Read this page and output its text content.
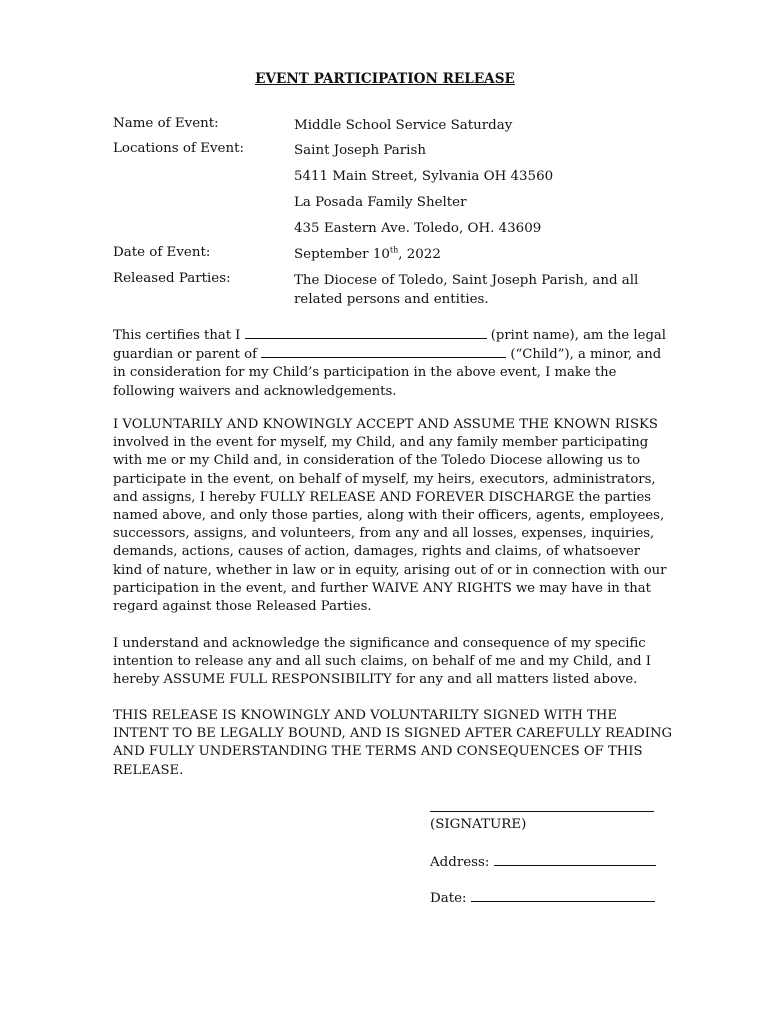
EVENT PARTICIPATION RELEASE
Name of Event:	Middle School Service Saturday
Locations of Event:	Saint Joseph Parish
5411 Main Street, Sylvania OH 43560
La Posada Family Shelter
435 Eastern Ave. Toledo, OH. 43609
Date of Event:	September 10th, 2022
Released Parties:	The Diocese of Toledo, Saint Joseph Parish, and all related persons and entities.
This certifies that I	(print name), am the legal guardian or parent of	(“Child”), a minor, and in consideration for my Child’s participation in the above event, I make the following waivers and acknowledgements.
I VOLUNTARILY AND KNOWINGLY ACCEPT AND ASSUME THE KNOWN RISKS involved in the event for myself, my Child, and any family member participating with me or my Child and, in consideration of the Toledo Diocese allowing us to participate in the event, on behalf of myself, my heirs, executors, administrators, and assigns, I hereby FULLY RELEASE AND FOREVER DISCHARGE the parties named above, and only those parties, along with their officers, agents, employees, successors, assigns, and volunteers, from any and all losses, expenses, inquiries, demands, actions, causes of action, damages, rights and claims, of whatsoever kind of nature, whether in law or in equity, arising out of or in connection with our participation in the event, and further WAIVE ANY RIGHTS we may have in that regard against those Released Parties.
I understand and acknowledge the significance and consequence of my specific intention to release any and all such claims, on behalf of me and my Child, and I hereby ASSUME FULL RESPONSIBILITY for any and all matters listed above.
THIS RELEASE IS KNOWINGLY AND VOLUNTARILTY SIGNED WITH THE INTENT TO BE LEGALLY BOUND, AND IS SIGNED AFTER CAREFULLY READING AND FULLY UNDERSTANDING THE TERMS AND CONSEQUENCES OF THIS RELEASE.
(SIGNATURE)
Address:
Date:
